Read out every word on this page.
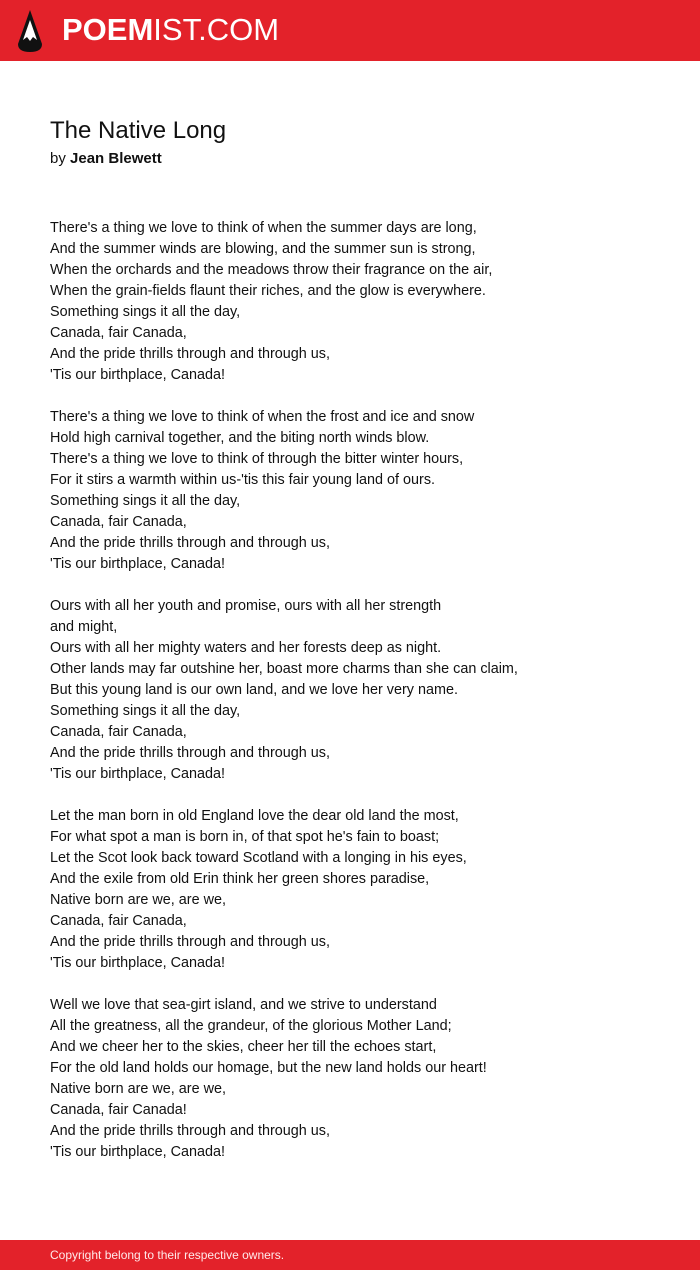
POEMIST.COM
The Native Long
by Jean Blewett
There's a thing we love to think of when the summer days are long,
And the summer winds are blowing, and the summer sun is strong,
When the orchards and the meadows throw their fragrance on the air,
When the grain-fields flaunt their riches, and the glow is everywhere.
Something sings it all the day,
Canada, fair Canada,
And the pride thrills through and through us,
'Tis our birthplace, Canada!
There's a thing we love to think of when the frost and ice and snow
Hold high carnival together, and the biting north winds blow.
There's a thing we love to think of through the bitter winter hours,
For it stirs a warmth within us-'tis this fair young land of ours.
Something sings it all the day,
Canada, fair Canada,
And the pride thrills through and through us,
'Tis our birthplace, Canada!
Ours with all her youth and promise, ours with all her strength
and might,
Ours with all her mighty waters and her forests deep as night.
Other lands may far outshine her, boast more charms than she can claim,
But this young land is our own land, and we love her very name.
Something sings it all the day,
Canada, fair Canada,
And the pride thrills through and through us,
'Tis our birthplace, Canada!
Let the man born in old England love the dear old land the most,
For what spot a man is born in, of that spot he's fain to boast;
Let the Scot look back toward Scotland with a longing in his eyes,
And the exile from old Erin think her green shores paradise,
Native born are we, are we,
Canada, fair Canada,
And the pride thrills through and through us,
'Tis our birthplace, Canada!
Well we love that sea-girt island, and we strive to understand
All the greatness, all the grandeur, of the glorious Mother Land;
And we cheer her to the skies, cheer her till the echoes start,
For the old land holds our homage, but the new land holds our heart!
Native born are we, are we,
Canada, fair Canada!
And the pride thrills through and through us,
'Tis our birthplace, Canada!
Copyright belong to their respective owners.
